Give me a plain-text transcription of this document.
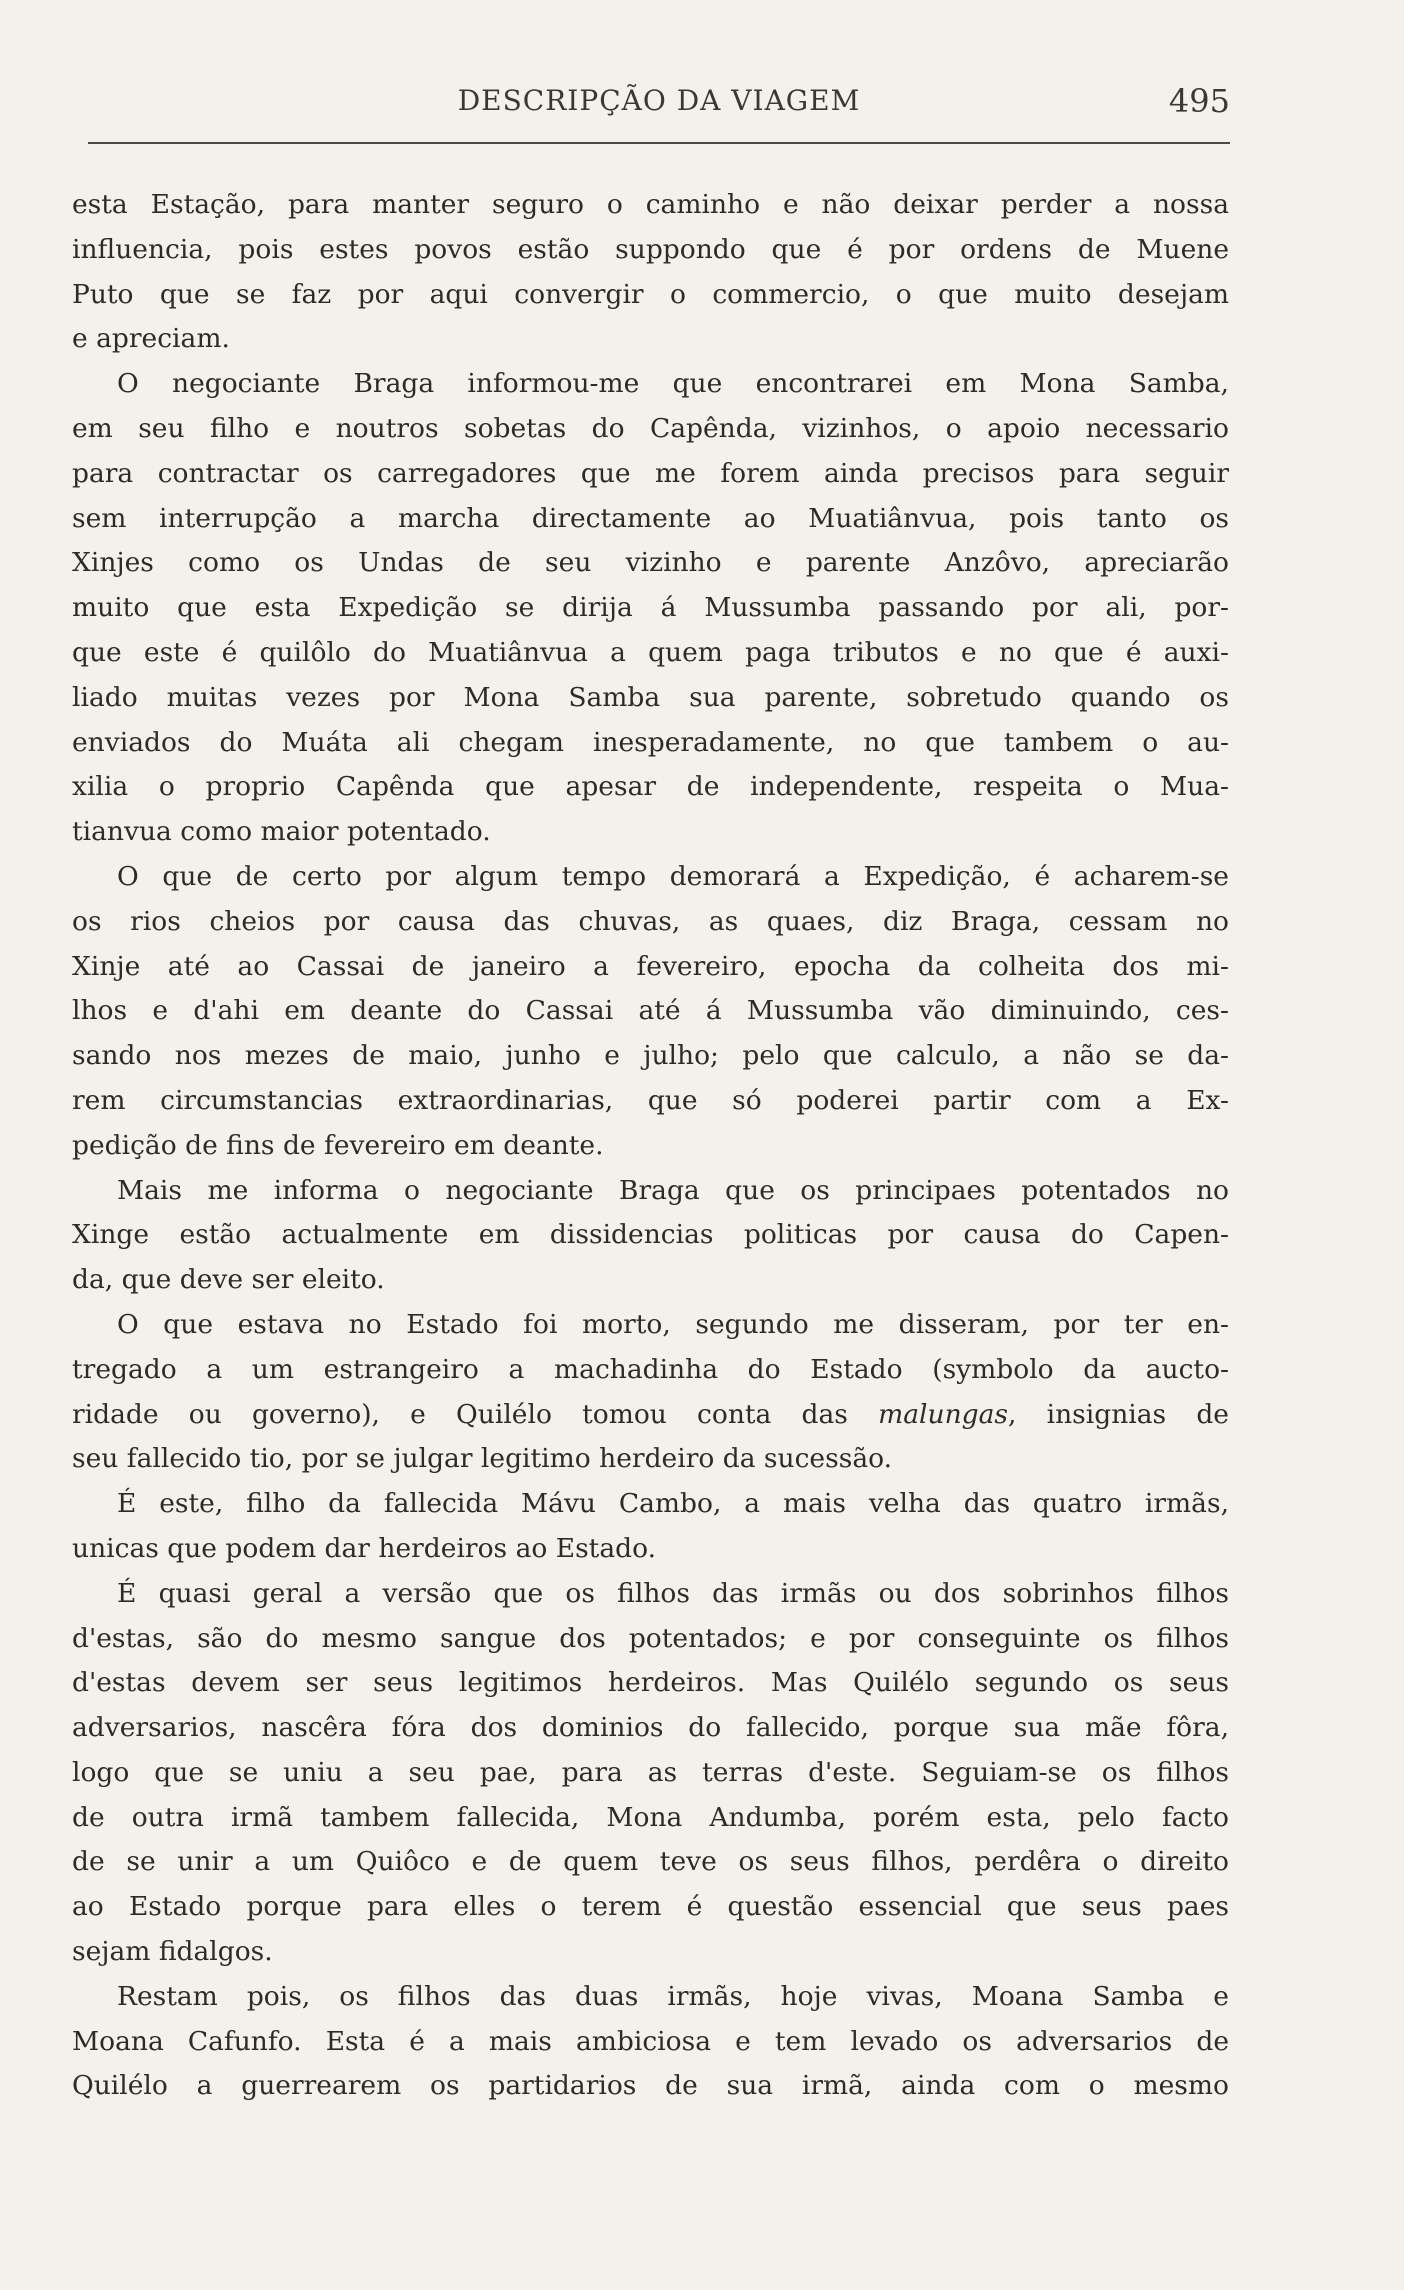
DESCRIPÇÃO DA VIAGEM	495
esta Estação, para manter seguro o caminho e não deixar perder a nossa
influencia, pois estes povos estão suppondo que é por ordens de Muene
Puto que se faz por aqui convergir o commercio, o que muito desejam
e apreciam.
O negociante Braga informou-me que encontrarei em Mona Samba,
em seu filho e noutros sobetas do Capênda, vizinhos, o apoio necessario
para contractar os carregadores que me forem ainda precisos para seguir
sem interrupção a marcha directamente ao Muatiânvua, pois tanto os
Xinjes como os Undas de seu vizinho e parente Anzôvo, apreciarão
muito que esta Expedição se dirija á Mussumba passando por ali, por-
que este é quilôlo do Muatiânvua a quem paga tributos e no que é auxi-
liado muitas vezes por Mona Samba sua parente, sobretudo quando os
enviados do Muáta ali chegam inesperadamente, no que tambem o au-
xilia o proprio Capênda que apesar de independente, respeita o Mua-
tianvua como maior potentado.
O que de certo por algum tempo demorará a Expedição, é acharem-se
os rios cheios por causa das chuvas, as quaes, diz Braga, cessam no
Xinje até ao Cassai de janeiro a fevereiro, epocha da colheita dos mi-
lhos e d'ahi em deante do Cassai até á Mussumba vão diminuindo, ces-
sando nos mezes de maio, junho e julho; pelo que calculo, a não se da-
rem circumstancias extraordinarias, que só poderei partir com a Ex-
pedição de fins de fevereiro em deante.
Mais me informa o negociante Braga que os principaes potentados no
Xinge estão actualmente em dissidencias politicas por causa do Capen-
da, que deve ser eleito.
O que estava no Estado foi morto, segundo me disseram, por ter en-
tregado a um estrangeiro a machadinha do Estado (symbolo da aucto-
ridade ou governo), e Quilélo tomou conta das malungas, insignias de
seu fallecido tio, por se julgar legitimo herdeiro da sucessão.
É este, filho da fallecida Mávu Cambo, a mais velha das quatro irmãs,
unicas que podem dar herdeiros ao Estado.
É quasi geral a versão que os filhos das irmãs ou dos sobrinhos filhos
d'estas, são do mesmo sangue dos potentados; e por conseguinte os filhos
d'estas devem ser seus legitimos herdeiros. Mas Quilélo segundo os seus
adversarios, nascêra fóra dos dominios do fallecido, porque sua mãe fôra,
logo que se uniu a seu pae, para as terras d'este. Seguiam-se os filhos
de outra irmã tambem fallecida, Mona Andumba, porém esta, pelo facto
de se unir a um Quiôco e de quem teve os seus filhos, perdêra o direito
ao Estado porque para elles o terem é questão essencial que seus paes
sejam fidalgos.
Restam pois, os filhos das duas irmãs, hoje vivas, Moana Samba e
Moana Cafunfo. Esta é a mais ambiciosa e tem levado os adversarios de
Quilélo a guerrearem os partidarios de sua irmã, ainda com o mesmo
